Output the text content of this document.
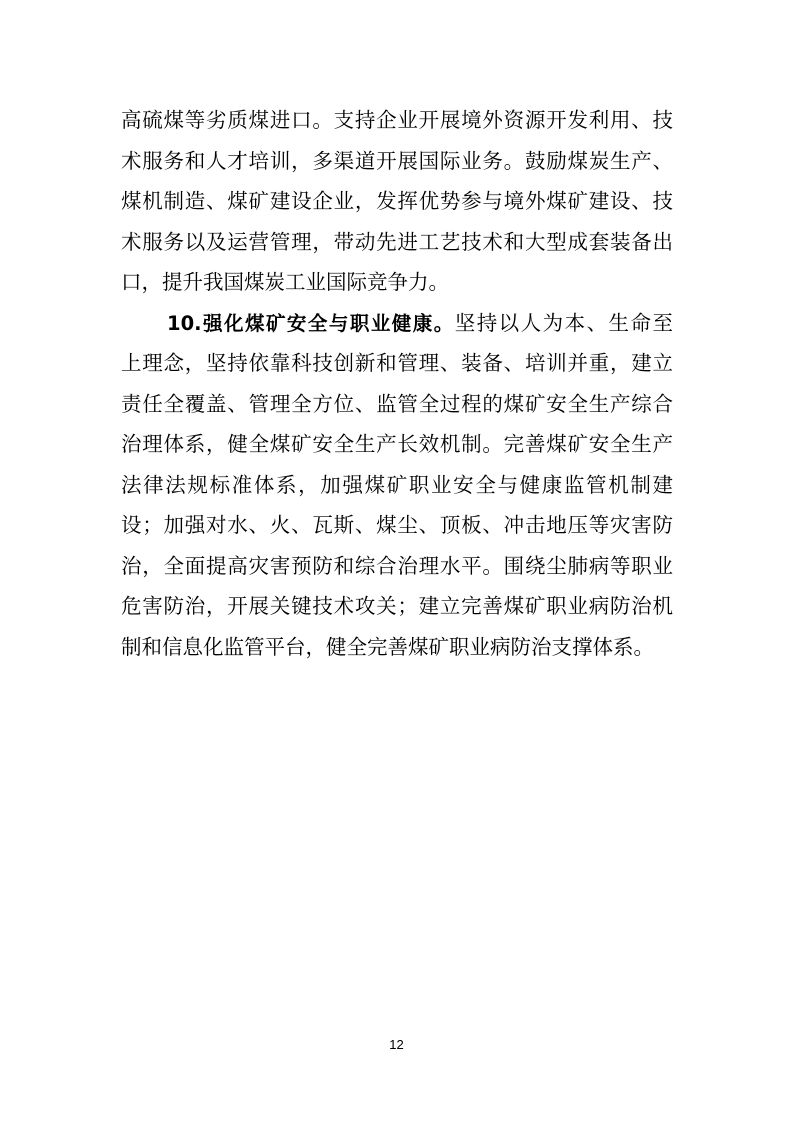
高硫煤等劣质煤进口。支持企业开展境外资源开发利用、技
术服务和人才培训，多渠道开展国际业务。鼓励煤炭生产、
煤机制造、煤矿建设企业，发挥优势参与境外煤矿建设、技
术服务以及运营管理，带动先进工艺技术和大型成套装备出
口，提升我国煤炭工业国际竞争力。
10.强化煤矿安全与职业健康。坚持以人为本、生命至
上理念，坚持依靠科技创新和管理、装备、培训并重，建立
责任全覆盖、管理全方位、监管全过程的煤矿安全生产综合
治理体系，健全煤矿安全生产长效机制。完善煤矿安全生产
法律法规标准体系，加强煤矿职业安全与健康监管机制建
设；加强对水、火、瓦斯、煤尘、顶板、冲击地压等灾害防
治，全面提高灾害预防和综合治理水平。围绕尘肺病等职业
危害防治，开展关键技术攻关；建立完善煤矿职业病防治机
制和信息化监管平台，健全完善煤矿职业病防治支撑体系。
12
